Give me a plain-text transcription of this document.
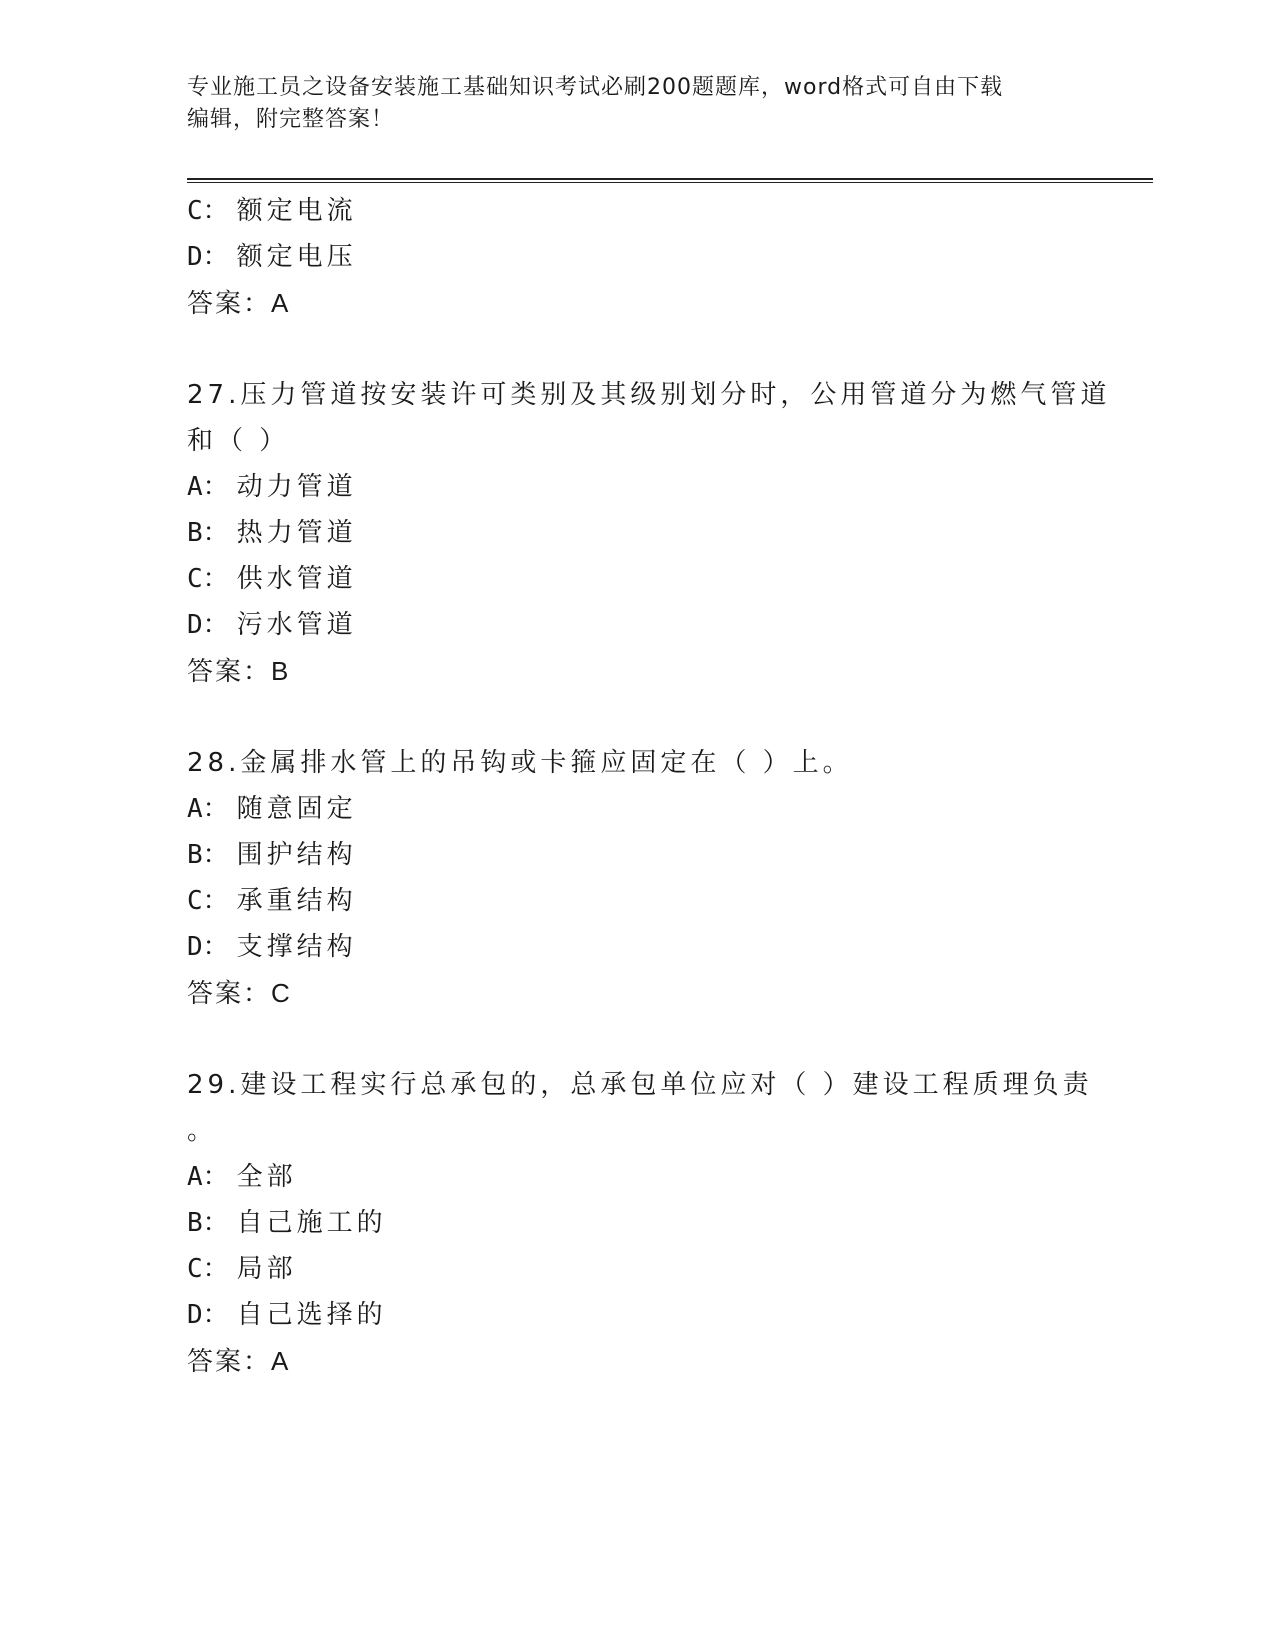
专业施工员之设备安装施工基础知识考试必刷200题题库，word格式可自由下载
编辑，附完整答案！
C： 额定电流
D： 额定电压
答案：A
27.压力管道按安装许可类别及其级别划分时，公用管道分为燃气管道
和（ ）
A： 动力管道
B： 热力管道
C： 供水管道
D： 污水管道
答案：B
28.金属排水管上的吊钩或卡箍应固定在（ ）上。
A： 随意固定
B： 围护结构
C： 承重结构
D： 支撑结构
答案：C
29.建设工程实行总承包的，总承包单位应对（ ）建设工程质理负责
。
A： 全部
B： 自己施工的
C： 局部
D： 自己选择的
答案：A
